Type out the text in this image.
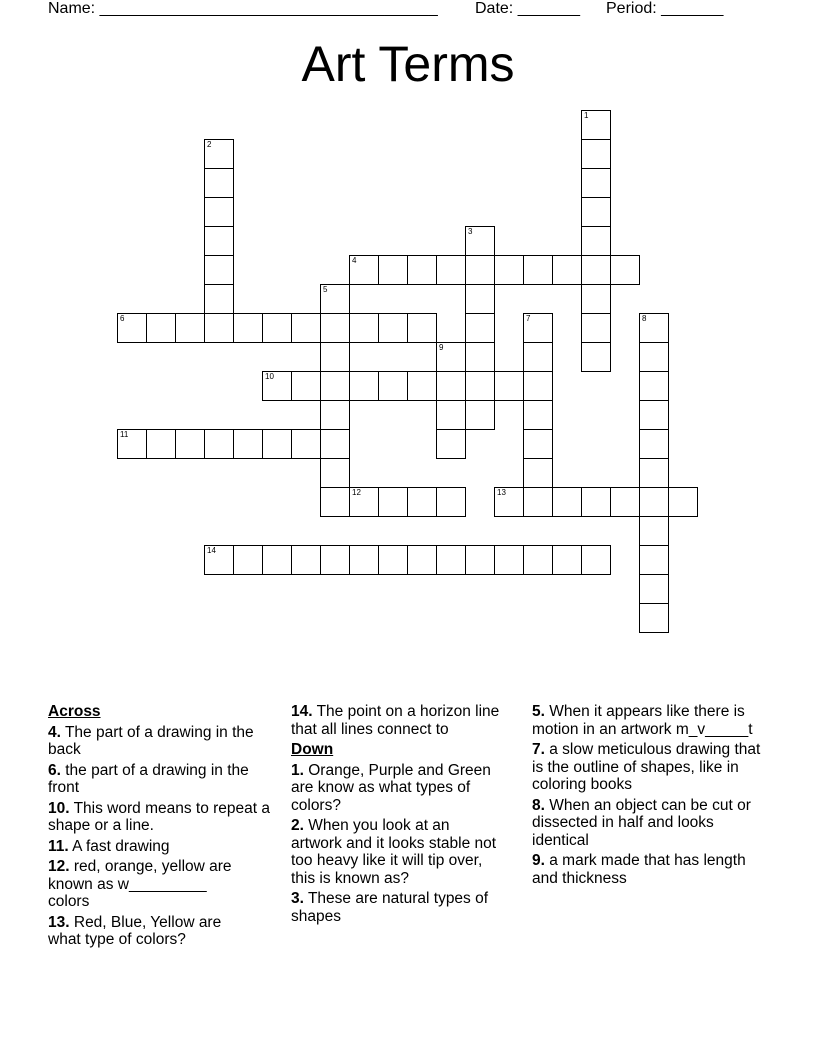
Name: ______________________________________ Date: _______ Period: _______
Art Terms
1
2
3
4
5
6	7	8
9
10
11
12	13
14
Across
4. The part of a drawing in the back
6. the part of a drawing in the front
10. This word means to repeat a shape or a line.
11. A fast drawing
12. red, orange, yellow are known as w_________ colors
13. Red, Blue, Yellow are what type of colors?
14. The point on a horizon line that all lines connect to
Down
1. Orange, Purple and Green are know as what types of colors?
2. When you look at an artwork and it looks stable not too heavy like it will tip over, this is known as?
3. These are natural types of shapes
5. When it appears like there is motion in an artwork m_v_____t
7. a slow meticulous drawing that is the outline of shapes, like in coloring books
8. When an object can be cut or dissected in half and looks identical
9. a mark made that has length and thickness
